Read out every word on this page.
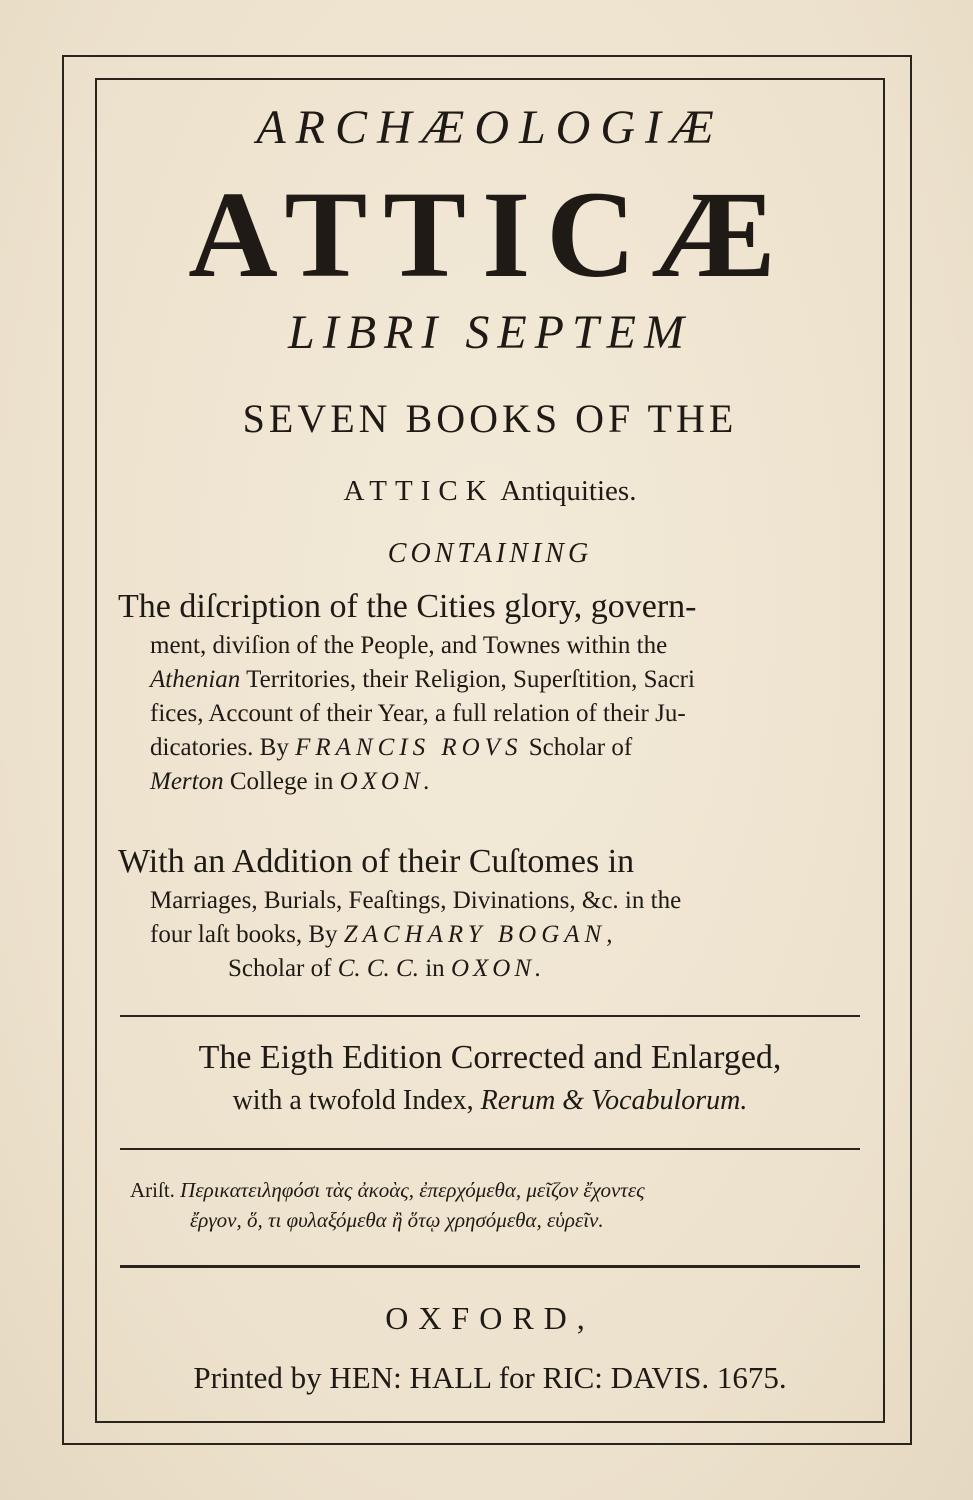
ARCHÆOLOGIÆ
ATTICÆ
LIBRI SEPTEM
SEVEN BOOKS OF THE
ATTICK Antiquities.
CONTAINING
The diſcription of the Cities glory, govern-
ment, diviſion of the People, and Townes within the
Athenian Territories, their Religion, Superſtition, Sacri
fices, Account of their Year, a full relation of their Ju-
dicatories. By FRANCIS ROVS Scholar of
Merton College in OXON.
With an Addition of their Cuſtomes in
Marriages, Burials, Feaſtings, Divinations, &c. in the
four laſt books, By ZACHARY BOGAN,
Scholar of C. C. C. in OXON.
The Eigth Edition Corrected and Enlarged,
with a twofold Index, Rerum & Vocabulorum.
Ariſt. Περικατειληφόσι τὰς ἀκοὰς, ἐπερχόμεθα, μεῖζον ἔχοντες
ἔργον, ὅ, τι φυλαξόμεθα ἢ ὅτῳ χρησόμεθα, εὑρεῖν.
OXFORD,
Printed by HEN: HALL for RIC: DAVIS. 1675.
